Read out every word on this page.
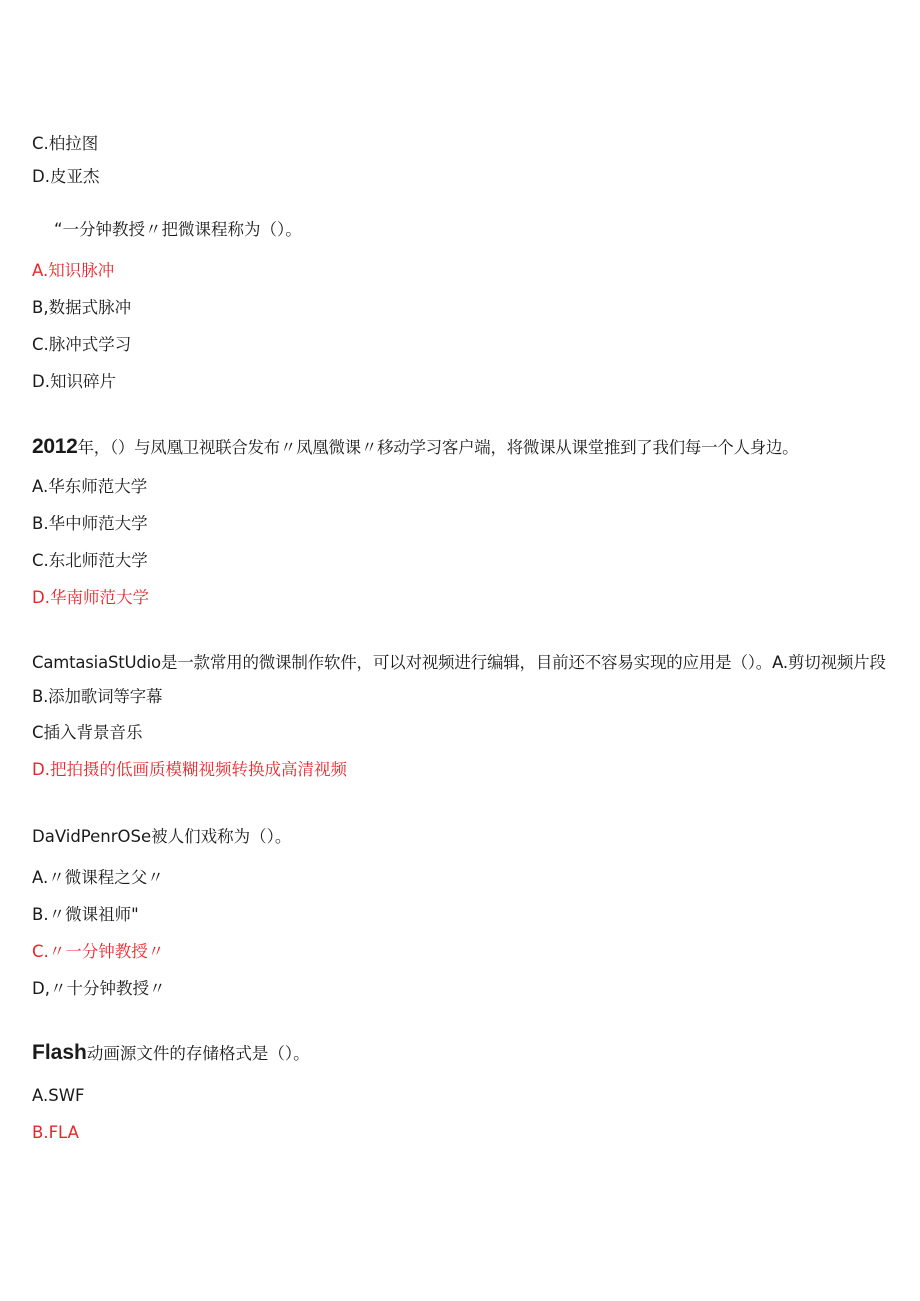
C.柏拉图
D.皮亚杰
“一分钟教授〃把微课程称为（）。
A.知识脉冲
B,数据式脉冲
C.脉冲式学习
D.知识碎片
2012年，（）与凤凰卫视联合发布〃凤凰微课〃移动学习客户端，将微课从课堂推到了我们每一个人身边。
A.华东师范大学
B.华中师范大学
C.东北师范大学
D.华南师范大学
CamtasiaStUdio是一款常用的微课制作软件，可以对视频进行编辑，目前还不容易实现的应用是（）。A.剪切视频片段B.添加歌词等字幕
C插入背景音乐
D.把拍摄的低画质模糊视频转换成高清视频
DaVidPenrOSe被人们戏称为（）。
A.〃微课程之父〃
B.〃微课祖师"
C.〃一分钟教授〃
D,〃十分钟教授〃
Flash动画源文件的存储格式是（）。
A.SWF
B.FLA
